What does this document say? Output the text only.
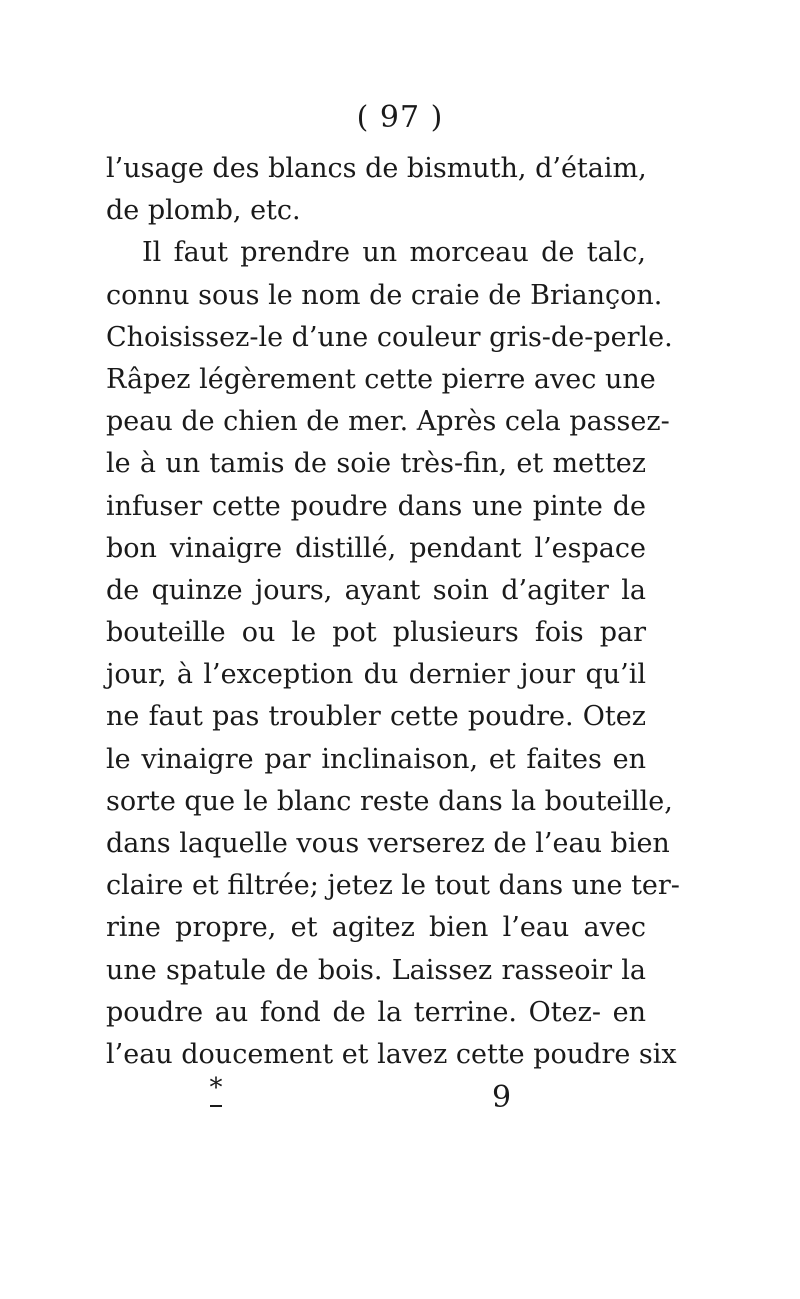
( 97 )
l’usage des blancs de bismuth, d’étaim,
de plomb, etc.
Il faut prendre un morceau de talc,
connu sous le nom de craie de Briançon.
Choisissez-le d’une couleur gris-de-perle.
Râpez légèrement cette pierre avec une
peau de chien de mer. Après cela passez-
le à un tamis de soie très-fin, et mettez
infuser cette poudre dans une pinte de
bon vinaigre distillé, pendant l’espace
de quinze jours, ayant soin d’agiter la
bouteille ou le pot plusieurs fois par
jour, à l’exception du dernier jour qu’il
ne faut pas troubler cette poudre. Otez
le vinaigre par inclinaison, et faites en
sorte que le blanc reste dans la bouteille,
dans laquelle vous verserez de l’eau bien
claire et filtrée; jetez le tout dans une ter-
rine propre, et agitez bien l’eau avec
une spatule de bois. Laissez rasseoir la
poudre au fond de la terrine. Otez- en
l’eau doucement et lavez cette poudre six
*	9
